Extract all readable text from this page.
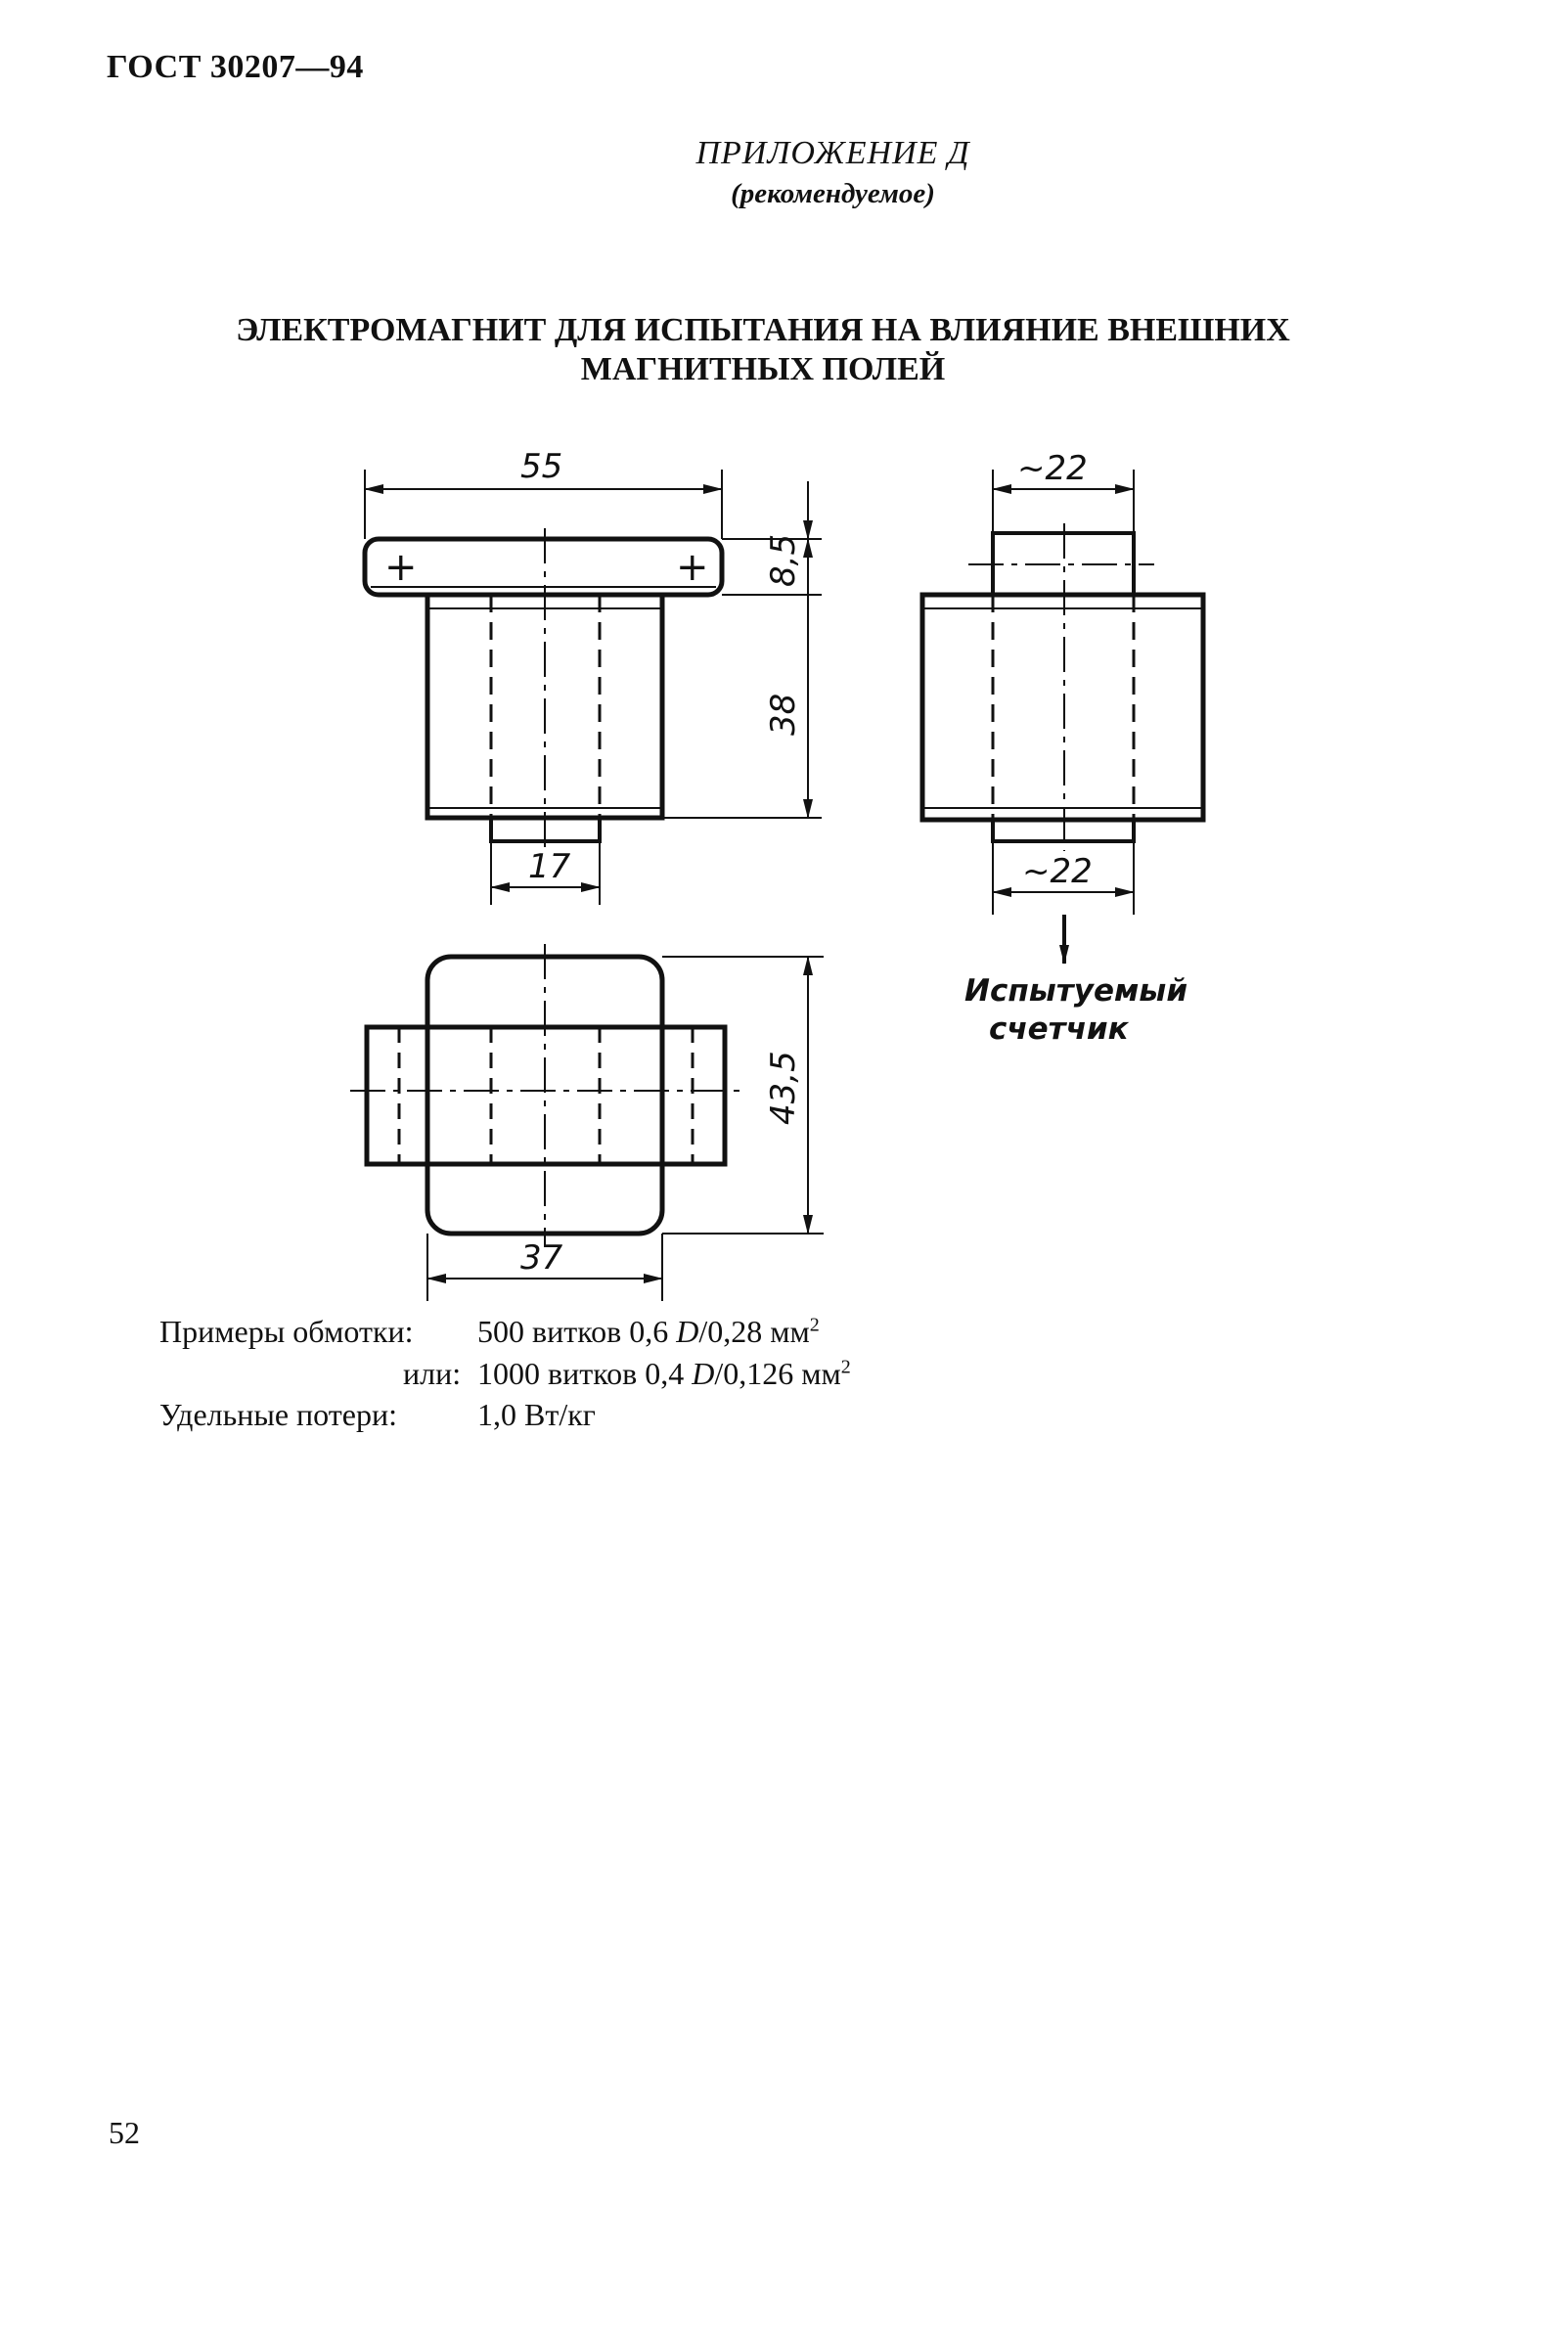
ГОСТ 30207—94
ПРИЛОЖЕНИЕ Д
(рекомендуемое)
ЭЛЕКТРОМАГНИТ ДЛЯ ИСПЫТАНИЯ НА ВЛИЯНИЕ ВНЕШНИХ
МАГНИТНЫХ ПОЛЕЙ
55
8,5
38
17
+	+
~22
~22
Испытуемый
счетчик
43,5
37
Примеры обмотки: 500 витков 0,6 D/0,28 $мм^2$
или: 1000 витков 0,4 D/0,126 $мм^2$
Удельные потери:	1,0 Вт/кг
52
